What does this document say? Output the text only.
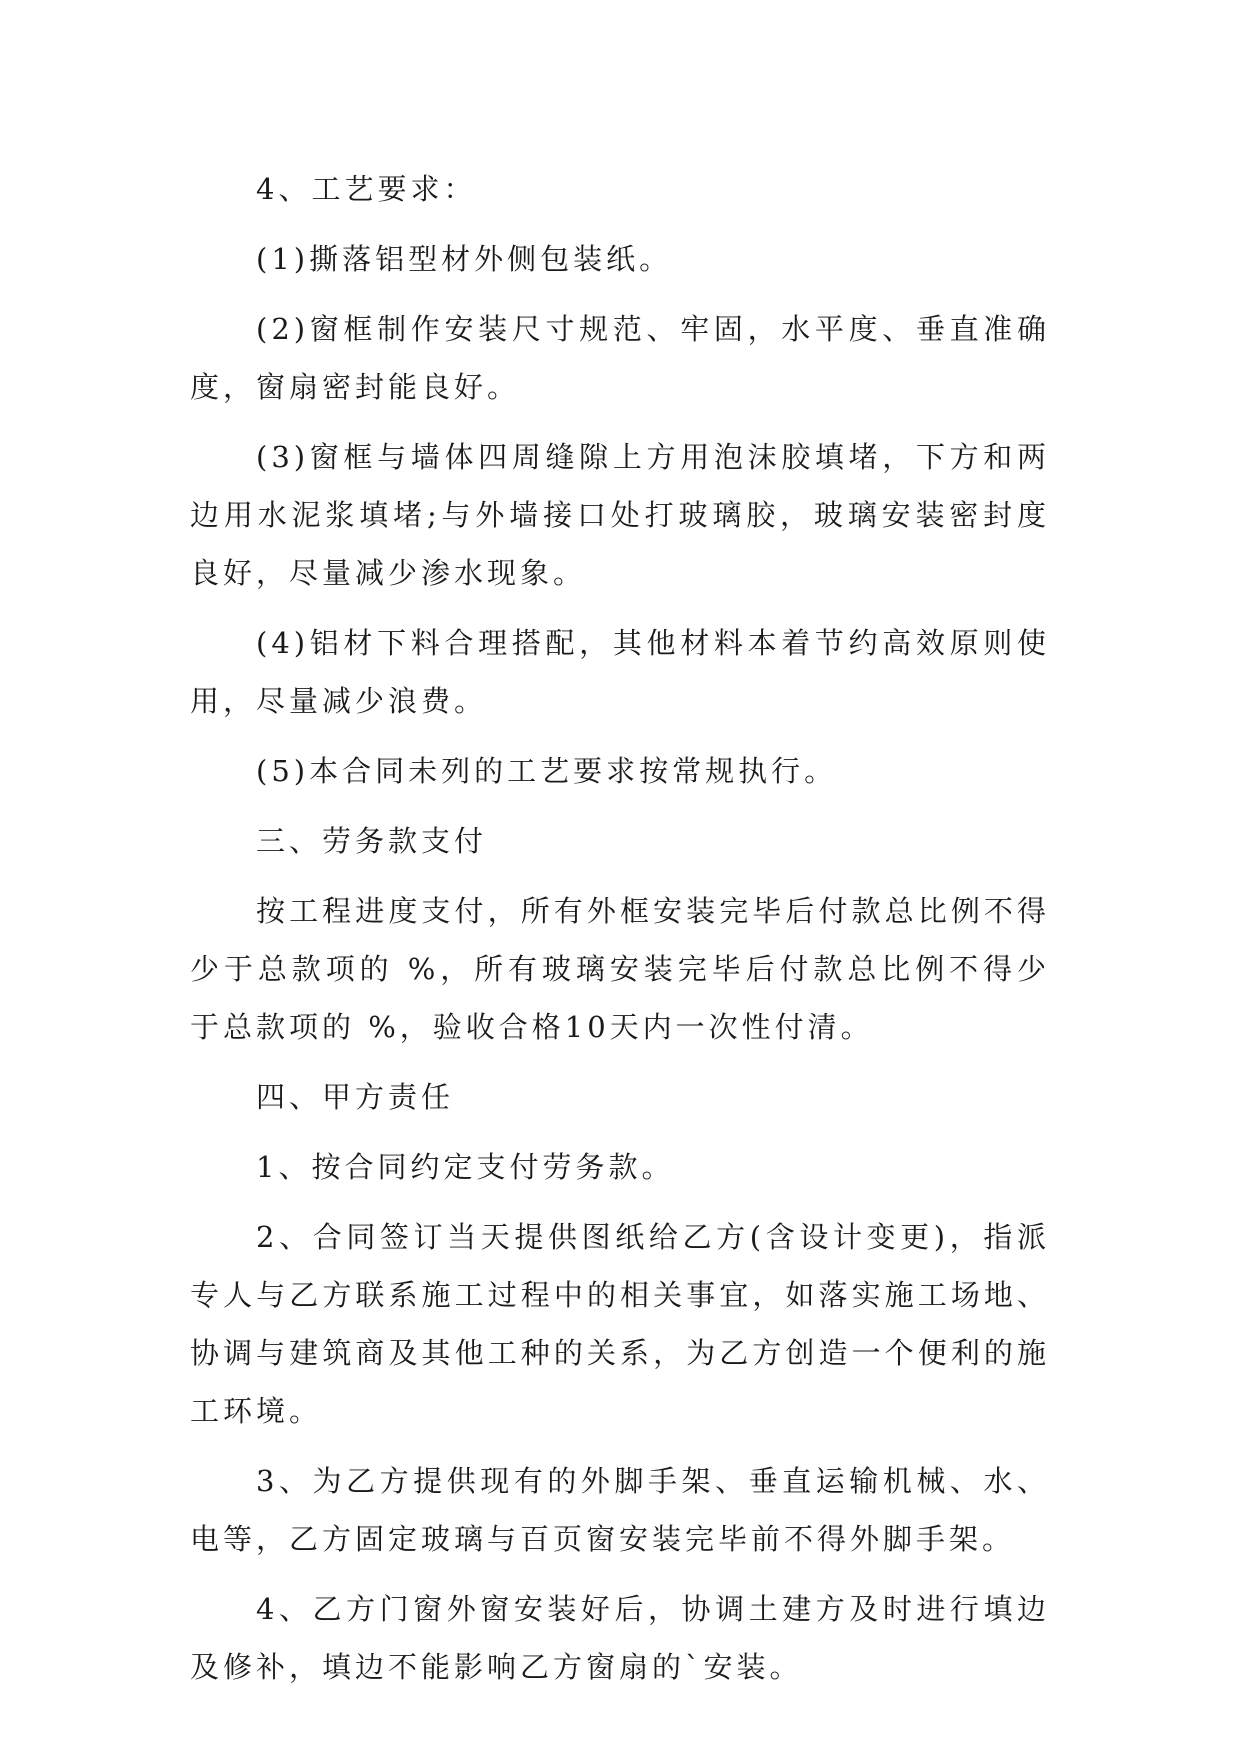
4、工艺要求：

(1)撕落铝型材外侧包装纸。

(2)窗框制作安装尺寸规范、牢固，水平度、垂直准确度，窗扇密封能良好。

(3)窗框与墙体四周缝隙上方用泡沫胶填堵，下方和两边用水泥浆填堵;与外墙接口处打玻璃胶，玻璃安装密封度良好，尽量减少渗水现象。

(4)铝材下料合理搭配，其他材料本着节约高效原则使用，尽量减少浪费。

(5)本合同未列的工艺要求按常规执行。

三、劳务款支付

按工程进度支付，所有外框安装完毕后付款总比例不得少于总款项的 %，所有玻璃安装完毕后付款总比例不得少于总款项的 %，验收合格10天内一次性付清。

四、甲方责任

1、按合同约定支付劳务款。

2、合同签订当天提供图纸给乙方(含设计变更)，指派专人与乙方联系施工过程中的相关事宜，如落实施工场地、协调与建筑商及其他工种的关系，为乙方创造一个便利的施工环境。

3、为乙方提供现有的外脚手架、垂直运输机械、水、电等，乙方固定玻璃与百页窗安装完毕前不得外脚手架。

4、乙方门窗外窗安装好后，协调土建方及时进行填边及修补，填边不能影响乙方窗扇的`安装。
